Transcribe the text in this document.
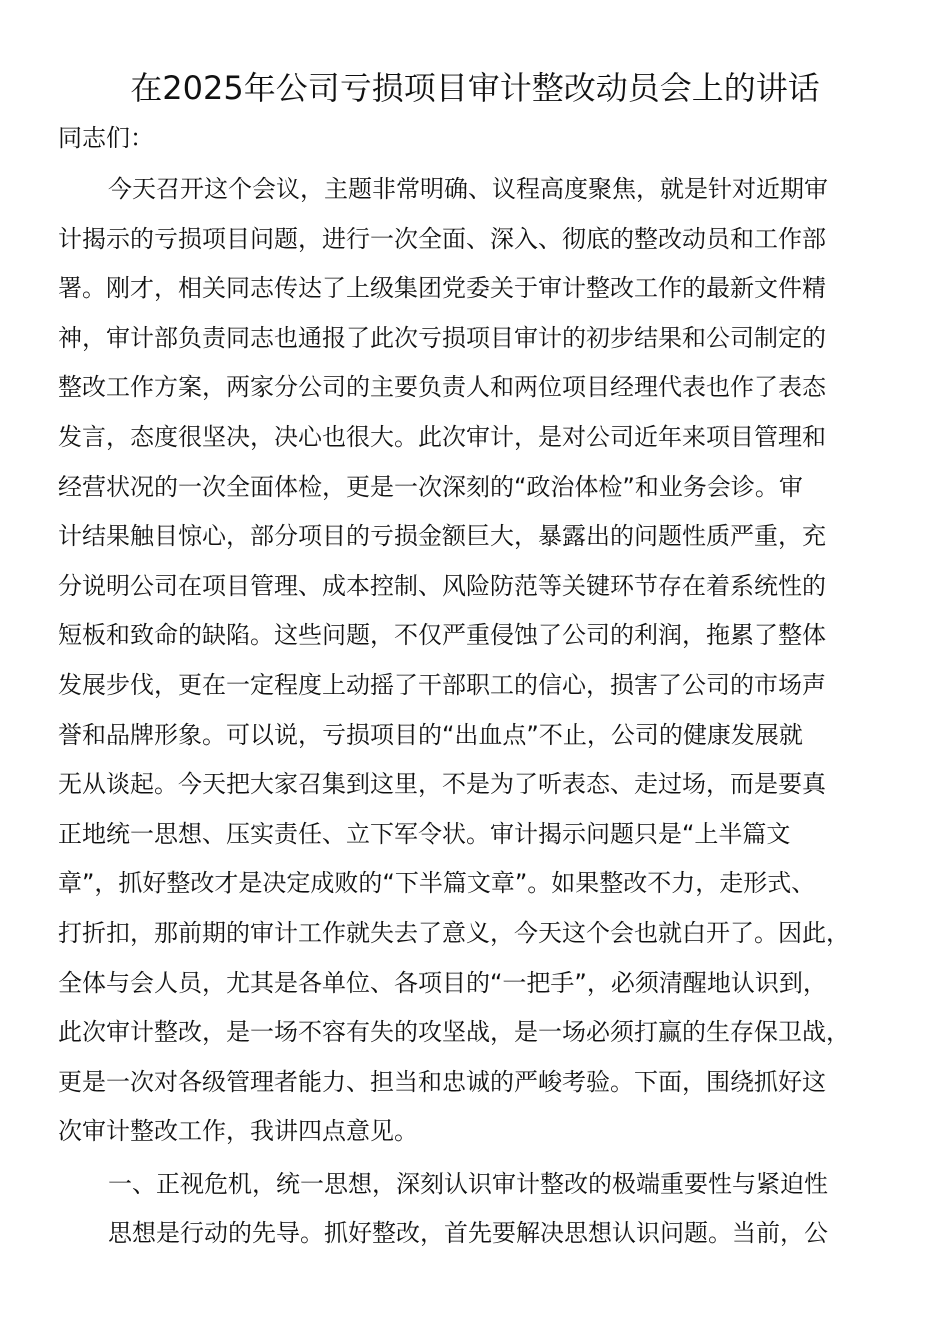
在2025年公司亏损项目审计整改动员会上的讲话
同志们：
今天召开这个会议，主题非常明确、议程高度聚焦，就是针对近期审
计揭示的亏损项目问题，进行一次全面、深入、彻底的整改动员和工作部
署。刚才，相关同志传达了上级集团党委关于审计整改工作的最新文件精
神，审计部负责同志也通报了此次亏损项目审计的初步结果和公司制定的
整改工作方案，两家分公司的主要负责人和两位项目经理代表也作了表态
发言，态度很坚决，决心也很大。此次审计，是对公司近年来项目管理和
经营状况的一次全面体检，更是一次深刻的“政治体检”和业务会诊。审
计结果触目惊心，部分项目的亏损金额巨大，暴露出的问题性质严重，充
分说明公司在项目管理、成本控制、风险防范等关键环节存在着系统性的
短板和致命的缺陷。这些问题，不仅严重侵蚀了公司的利润，拖累了整体
发展步伐，更在一定程度上动摇了干部职工的信心，损害了公司的市场声
誉和品牌形象。可以说，亏损项目的“出血点”不止，公司的健康发展就
无从谈起。今天把大家召集到这里，不是为了听表态、走过场，而是要真
正地统一思想、压实责任、立下军令状。审计揭示问题只是“上半篇文
章”，抓好整改才是决定成败的“下半篇文章”。如果整改不力，走形式、
打折扣，那前期的审计工作就失去了意义，今天这个会也就白开了。因此，
全体与会人员，尤其是各单位、各项目的“一把手”，必须清醒地认识到，
此次审计整改，是一场不容有失的攻坚战，是一场必须打赢的生存保卫战，
更是一次对各级管理者能力、担当和忠诚的严峻考验。下面，围绕抓好这
次审计整改工作，我讲四点意见。
一、正视危机，统一思想，深刻认识审计整改的极端重要性与紧迫性
思想是行动的先导。抓好整改，首先要解决思想认识问题。当前，公
